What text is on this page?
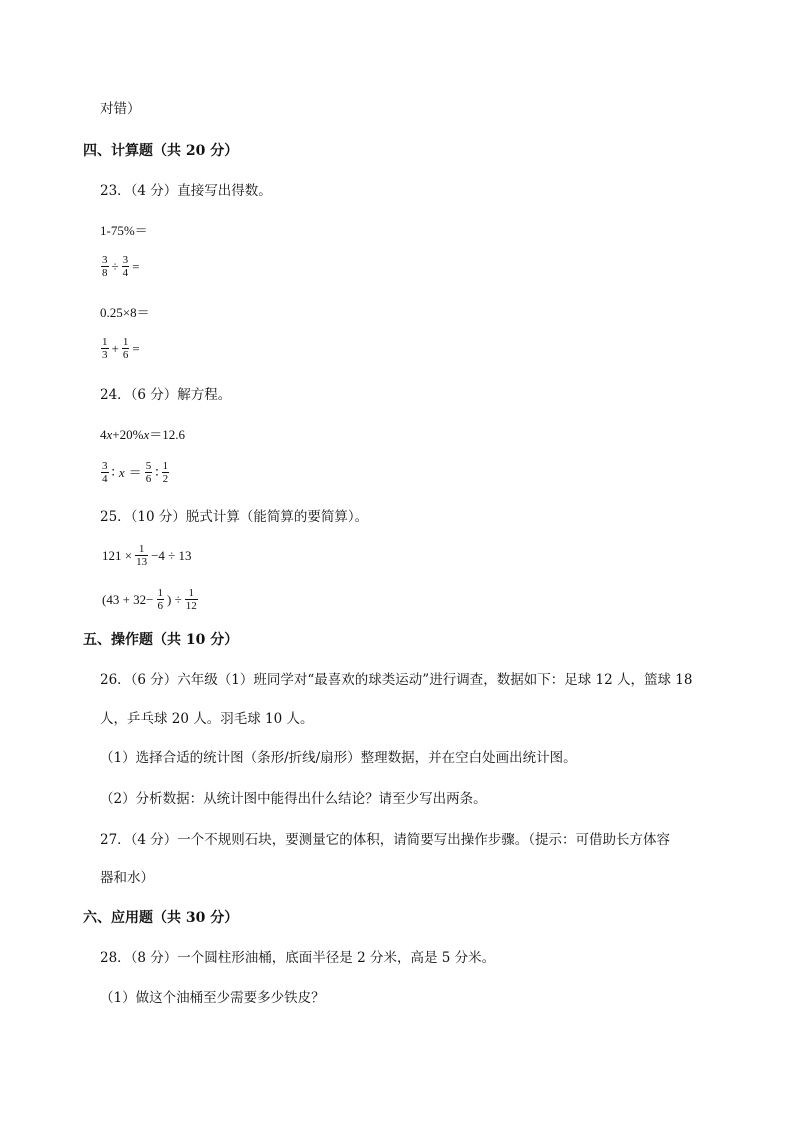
对错）
四、计算题（共 20 分）
23．（4 分）直接写出得数。
1-75%＝
$\frac{3}{8} \div \frac{3}{4}$ =
0.25×8＝
$\frac{1}{3} + \frac{1}{6}$ =
24．（6 分）解方程。
4x+20%x＝12.6
$\frac{3}{4}$ ∶ $x = \frac{5}{6}$ ∶ $\frac{1}{2}$
25．（10 分）脱式计算（能简算的要简算）。
$121 \times \frac{1}{13} -4 \div 13$
($43 + 32- \frac{1}{6}$ ) ÷ $\frac{1}{12}$
五、操作题（共 10 分）
26．（6 分）六年级（1）班同学对“最喜欢的球类运动”进行调查，数据如下：足球 12 人，篮球 18
人，乒乓球 20 人。羽毛球 10 人。
（1）选择合适的统计图（条形/折线/扇形）整理数据，并在空白处画出统计图。
（2）分析数据：从统计图中能得出什么结论？请至少写出两条。
27．（4 分）一个不规则石块，要测量它的体积，请简要写出操作步骤。（提示：可借助长方体容
器和水）
六、应用题（共 30 分）
28．（8 分）一个圆柱形油桶，底面半径是 2 分米，高是 5 分米。
（1）做这个油桶至少需要多少铁皮？
